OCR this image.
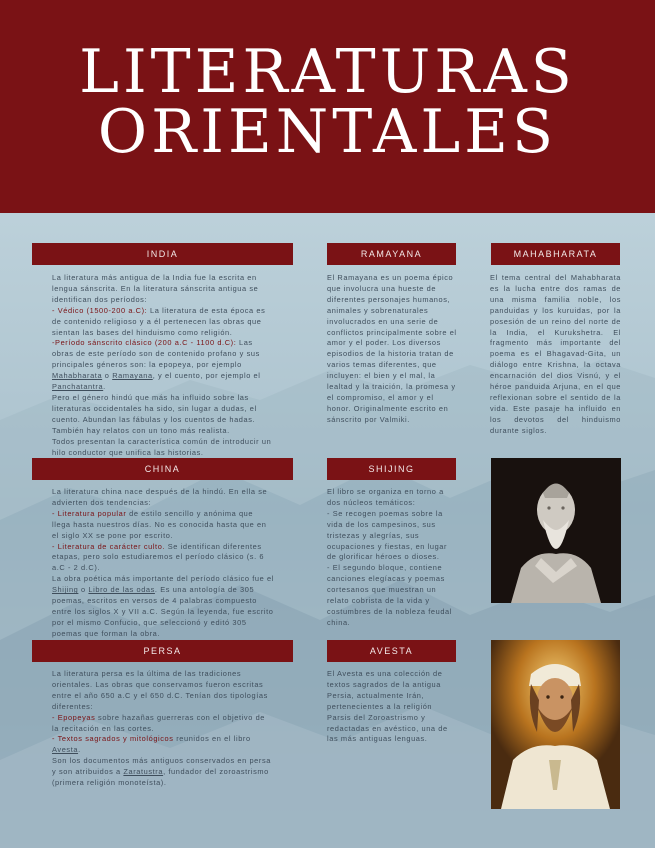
LITERATURAS
ORIENTALES
INDIA

La literatura más antigua de la India fue la escrita en lengua sánscrita. En la literatura sánscrita antigua se identifican dos períodos:

- Védico (1500-200 a.C): La literatura de esta época es de contenido religioso y a él pertenecen las obras que sientan las bases del hinduismo como religión.

-Período sánscrito clásico (200 a.C - 1100 d.C): Las obras de este período son de contenido profano y sus principales géneros son: la epopeya, por ejemplo Mahabharata o Ramayana, y el cuento, por ejemplo el Panchatantra.

Pero el género hindú que más ha influido sobre las literaturas occidentales ha sido, sin lugar a dudas, el cuento. Abundan las fábulas y los cuentos de hadas. También hay relatos con un tono más realista.

Todos presentan la característica común de introducir un hilo conductor que unifica las historias.

RAMAYANA

El Ramayana es un poema épico que involucra una hueste de diferentes personajes humanos, animales y sobrenaturales involucrados en una serie de conflictos principalmente sobre el amor y el poder. Los diversos episodios de la historia tratan de varios temas diferentes, que incluyen: el bien y el mal, la lealtad y la traición, la promesa y el compromiso, el amor y el honor. Originalmente escrito en sánscrito por Valmiki.

MAHABHARATA

El tema central del Mahabharata es la lucha entre dos ramas de una misma familia noble, los panduidas y los kuruidas, por la posesión de un reino del norte de la India, el Kurukshetra. El fragmento más importante del poema es el Bhagavad-Gita, un diálogo entre Krishna, la octava encarnación del dios Visnú, y el héroe panduida Arjuna, en el que reflexionan sobre el sentido de la vida. Este pasaje ha influido en los devotos del hinduismo durante siglos.

CHINA

La literatura china nace después de la hindú. En ella se advierten dos tendencias:

- Literatura popular de estilo sencillo y anónima que llega hasta nuestros días. No es conocida hasta que en el siglo XX se pone por escrito.

- Literatura de carácter culto. Se identifican diferentes etapas, pero solo estudiaremos el período clásico (s. 6 a.C - 2 d.C).

La obra poética más importante del período clásico fue el Shijing o Libro de las odas. Es una antología de 305 poemas, escritos en versos de 4 palabras compuesto entre los siglos X y VII a.C. Según la leyenda, fue escrito por el mismo Confucio, que seleccionó y editó 305 poemas que forman la obra.

SHIJING

El libro se organiza en torno a dos núcleos temáticos:

- Se recogen poemas sobre la vida de los campesinos, sus tristezas y alegrías, sus ocupaciones y fiestas, en lugar de glorificar héroes o dioses.

- El segundo bloque, contiene canciones elegíacas y poemas cortesanos que muestran un relato cobrista de la vida y costumbres de la nobleza feudal china.

PERSA

La literatura persa es la última de las tradiciones orientales. Las obras que conservamos fueron escritas entre el año 650 a.C y el 650 d.C. Tenían dos tipologías diferentes:

- Epopeyas sobre hazañas guerreras con el objetivo de la recitación en las cortes.

- Textos sagrados y mitológicos reunidos en el libro Avesta.

Son los documentos más antiguos conservados en persa y son atribuidos a Zaratustra, fundador del zoroastrismo (primera religión monoteísta).

AVESTA

El Avesta es una colección de textos sagrados de la antigua Persia, actualmente Irán, pertenecientes a la religión Parsis del Zoroastrismo y redactadas en avéstico, una de las más antiguas lenguas.
